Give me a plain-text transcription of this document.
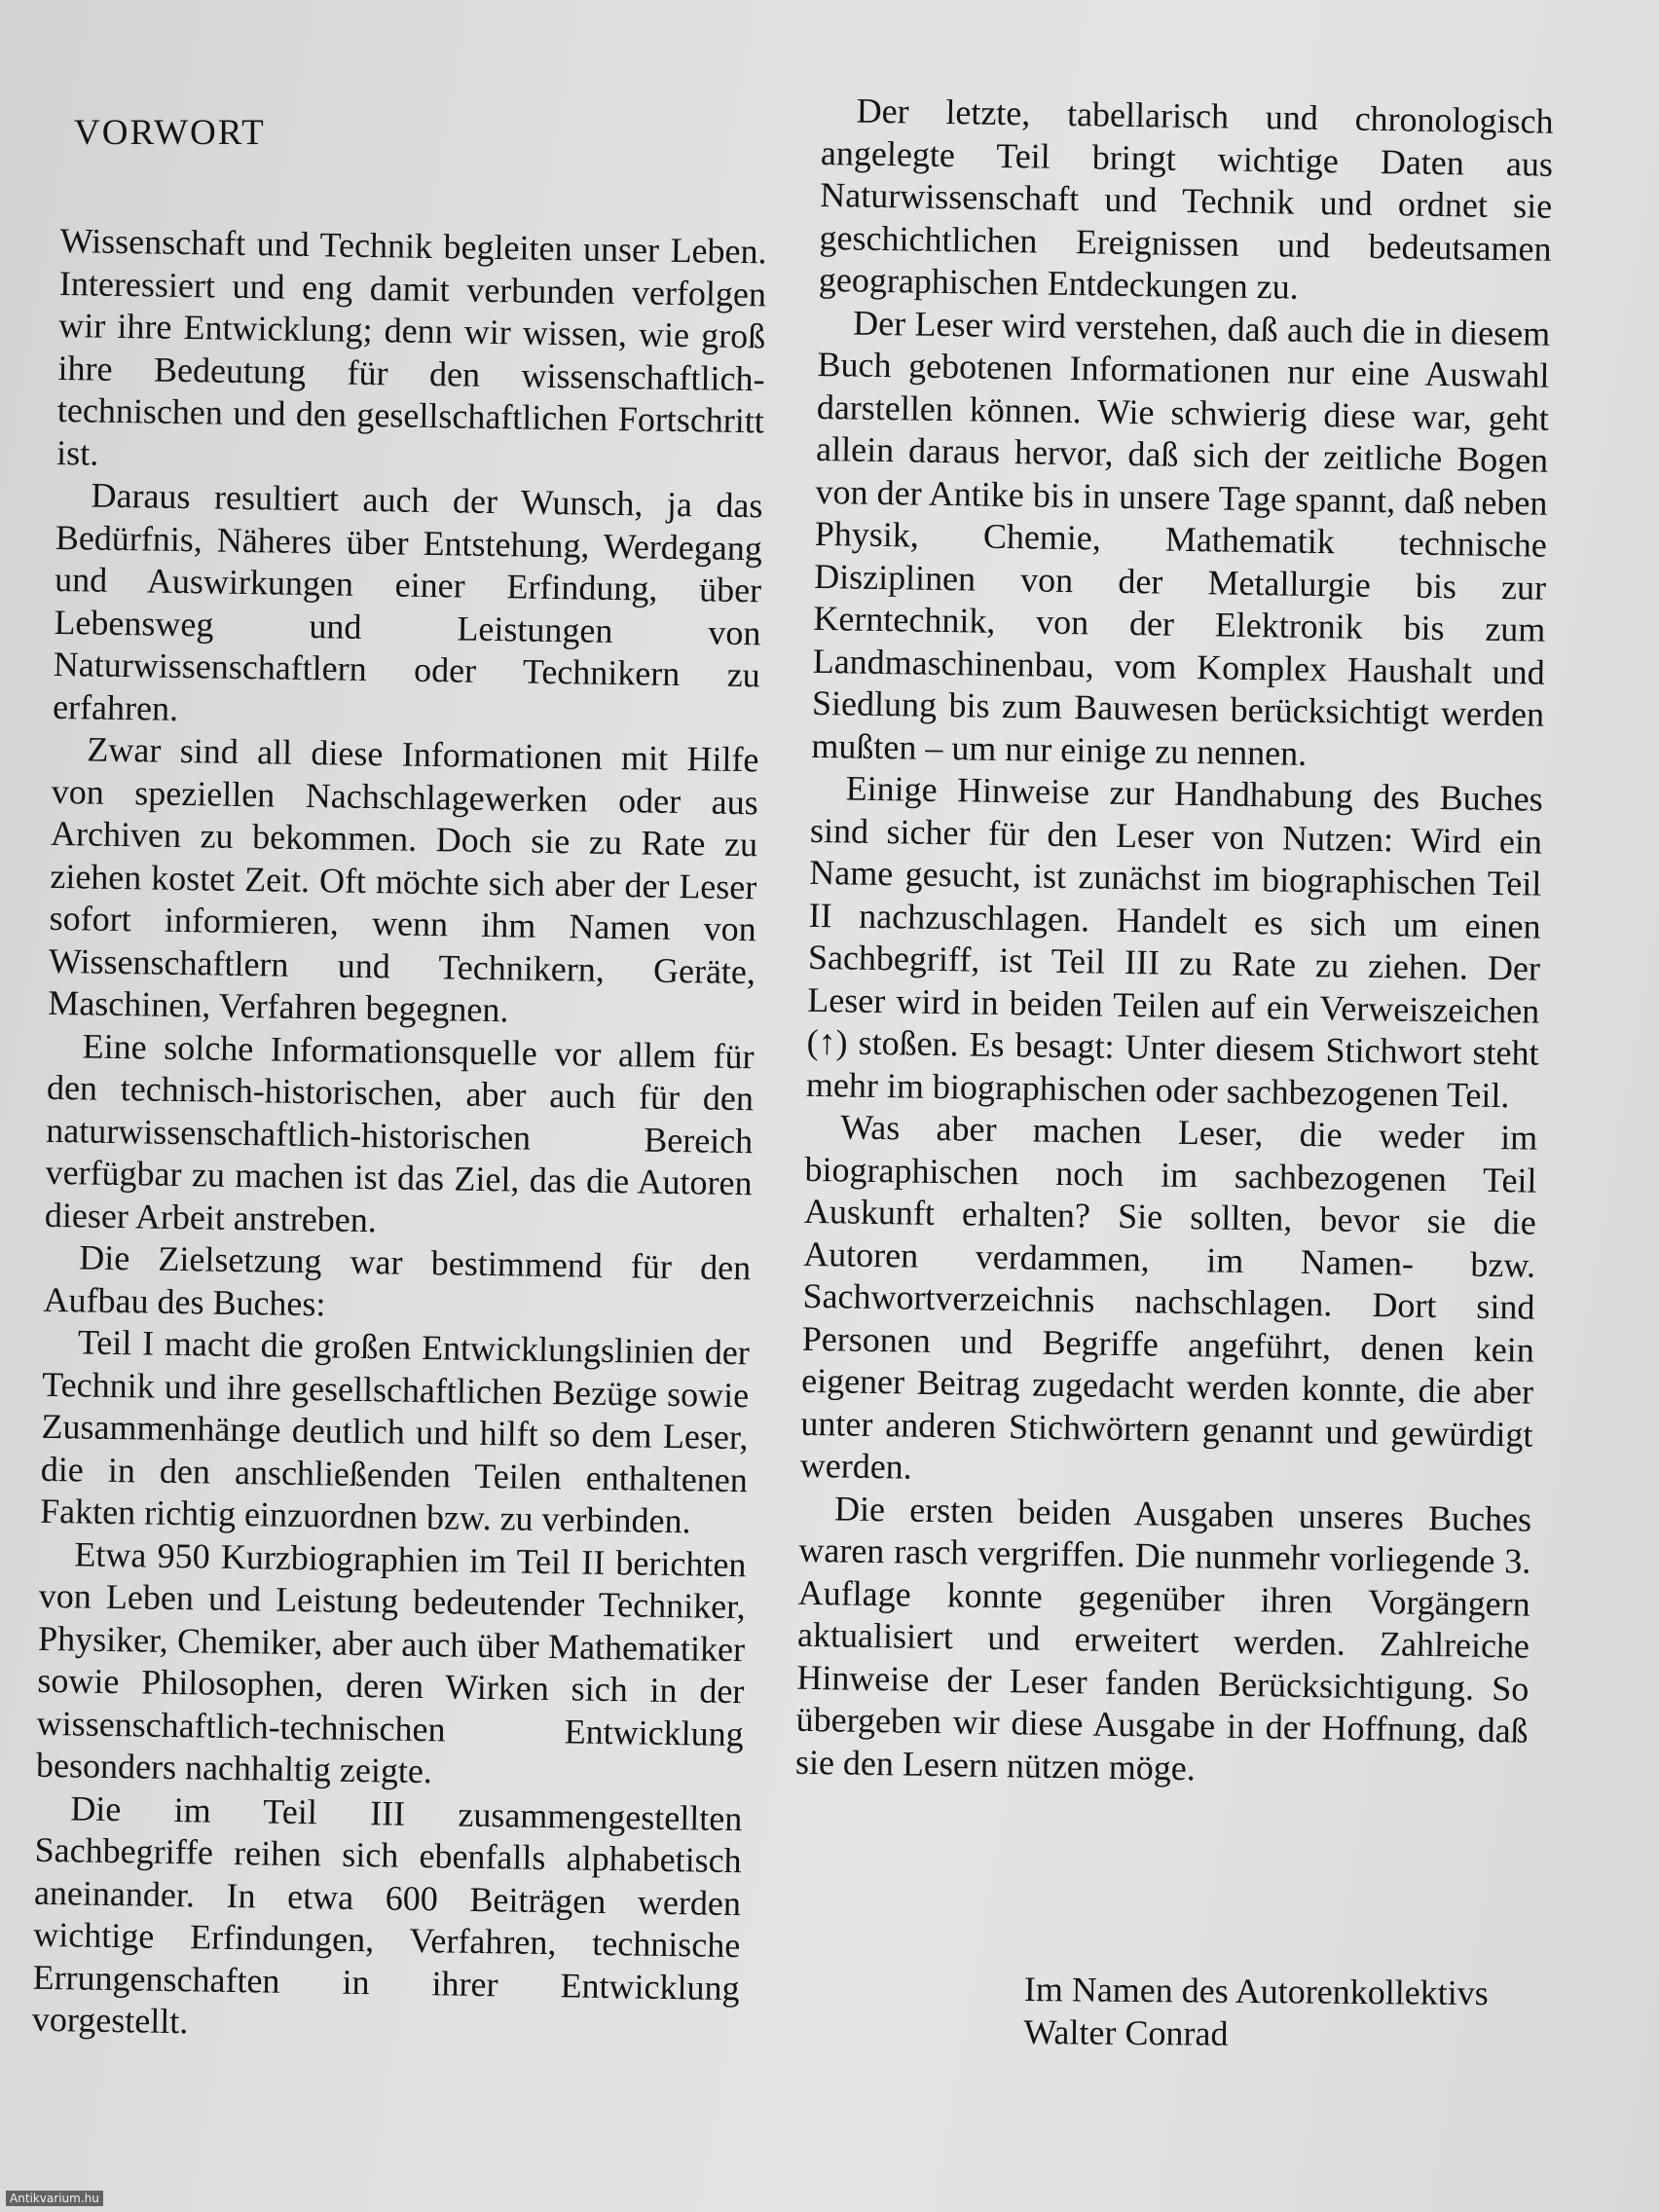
VORWORT

Wissenschaft und Technik begleiten unser Leben. Interessiert und eng damit verbunden verfolgen wir ihre Entwicklung; denn wir wissen, wie groß ihre Bedeutung für den wissenschaftlich-technischen und den gesellschaftlichen Fortschritt ist.

Daraus resultiert auch der Wunsch, ja das Bedürfnis, Näheres über Entstehung, Werdegang und Auswirkungen einer Erfindung, über Lebensweg und Leistungen von Naturwissenschaftlern oder Technikern zu erfahren.

Zwar sind all diese Informationen mit Hilfe von speziellen Nachschlagewerken oder aus Archiven zu bekommen. Doch sie zu Rate zu ziehen kostet Zeit. Oft möchte sich aber der Leser sofort informieren, wenn ihm Namen von Wissenschaftlern und Technikern, Geräte, Maschinen, Verfahren begegnen.

Eine solche Informationsquelle vor allem für den technisch-historischen, aber auch für den naturwissenschaftlich-historischen Bereich verfügbar zu machen ist das Ziel, das die Autoren dieser Arbeit anstreben.

Die Zielsetzung war bestimmend für den Aufbau des Buches:

Teil I macht die großen Entwicklungslinien der Technik und ihre gesellschaftlichen Bezüge sowie Zusammenhänge deutlich und hilft so dem Leser, die in den anschließenden Teilen enthaltenen Fakten richtig einzuordnen bzw. zu verbinden.

Etwa 950 Kurzbiographien im Teil II berichten von Leben und Leistung bedeutender Techniker, Physiker, Chemiker, aber auch über Mathematiker sowie Philosophen, deren Wirken sich in der wissenschaftlich-technischen Entwicklung besonders nachhaltig zeigte.

Die im Teil III zusammengestellten Sachbegriffe reihen sich ebenfalls alphabetisch aneinander. In etwa 600 Beiträgen werden wichtige Erfindungen, Verfahren, technische Errungenschaften in ihrer Entwicklung vorgestellt.

Der letzte, tabellarisch und chronologisch angelegte Teil bringt wichtige Daten aus Naturwissenschaft und Technik und ordnet sie geschichtlichen Ereignissen und bedeutsamen geographischen Entdeckungen zu.

Der Leser wird verstehen, daß auch die in diesem Buch gebotenen Informationen nur eine Auswahl darstellen können. Wie schwierig diese war, geht allein daraus hervor, daß sich der zeitliche Bogen von der Antike bis in unsere Tage spannt, daß neben Physik, Chemie, Mathematik technische Disziplinen von der Metallurgie bis zur Kerntechnik, von der Elektronik bis zum Landmaschinenbau, vom Komplex Haushalt und Siedlung bis zum Bauwesen berücksichtigt werden mußten – um nur einige zu nennen.

Einige Hinweise zur Handhabung des Buches sind sicher für den Leser von Nutzen: Wird ein Name gesucht, ist zunächst im biographischen Teil II nachzuschlagen. Handelt es sich um einen Sachbegriff, ist Teil III zu Rate zu ziehen. Der Leser wird in beiden Teilen auf ein Verweiszeichen (↑) stoßen. Es besagt: Unter diesem Stichwort steht mehr im biographischen oder sachbezogenen Teil.

Was aber machen Leser, die weder im biographischen noch im sachbezogenen Teil Auskunft erhalten? Sie sollten, bevor sie die Autoren verdammen, im Namen- bzw. Sachwortverzeichnis nachschlagen. Dort sind Personen und Begriffe angeführt, denen kein eigener Beitrag zugedacht werden konnte, die aber unter anderen Stichwörtern genannt und gewürdigt werden.

Die ersten beiden Ausgaben unseres Buches waren rasch vergriffen. Die nunmehr vorliegende 3. Auflage konnte gegenüber ihren Vorgängern aktualisiert und erweitert werden. Zahlreiche Hinweise der Leser fanden Berücksichtigung. So übergeben wir diese Ausgabe in der Hoffnung, daß sie den Lesern nützen möge.

Im Namen des Autorenkollektivs
Walter Conrad
Antikvarium.hu
